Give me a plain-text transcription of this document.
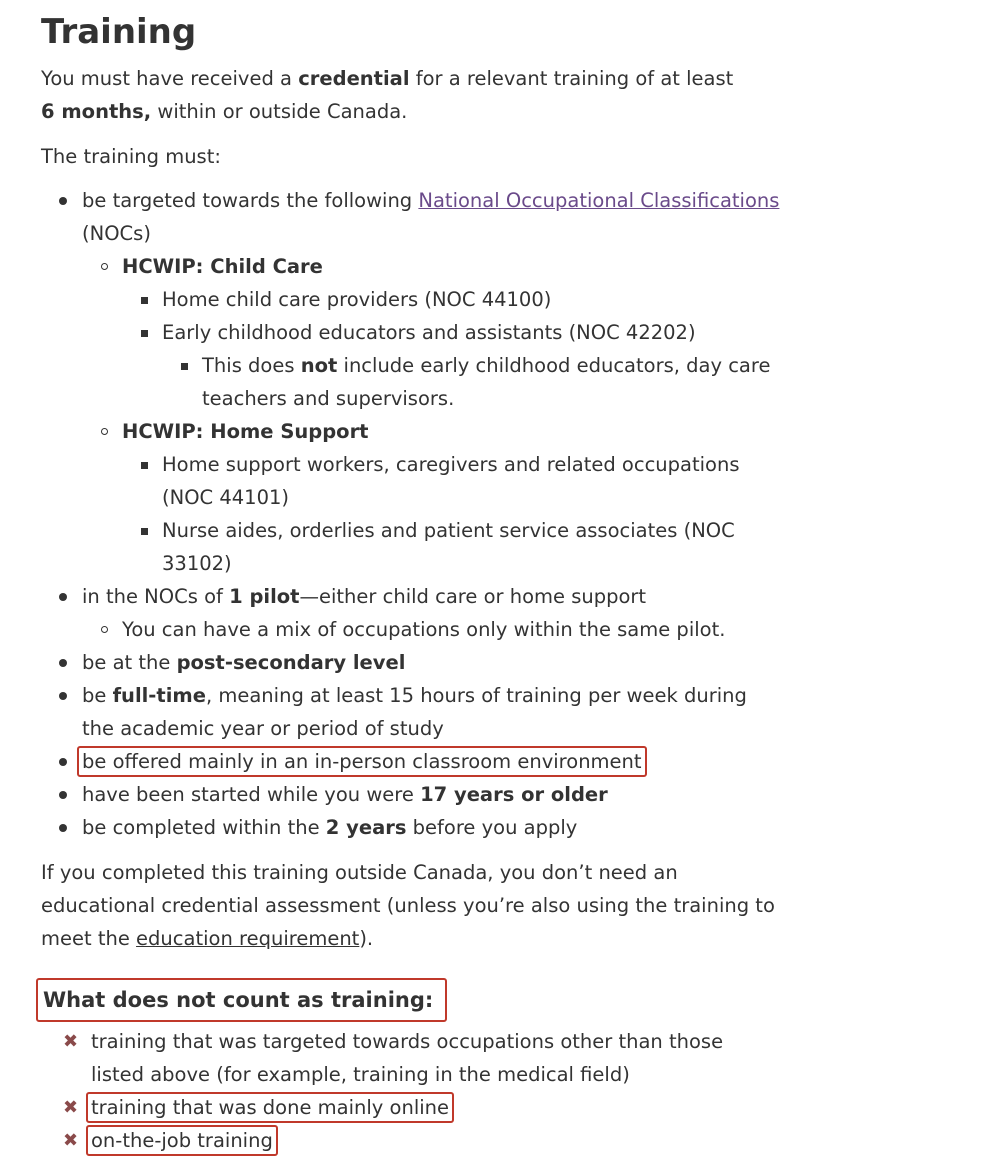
Training

You must have received a credential for a relevant training of at least 6 months, within or outside Canada.

The training must:

be targeted towards the following National Occupational Classifications (NOCs)
HCWIP: Child Care
Home child care providers (NOC 44100)
Early childhood educators and assistants (NOC 42202)
This does not include early childhood educators, day care teachers and supervisors.
HCWIP: Home Support
Home support workers, caregivers and related occupations (NOC 44101)
Nurse aides, orderlies and patient service associates (NOC 33102)
in the NOCs of 1 pilot—either child care or home support
You can have a mix of occupations only within the same pilot.
be at the post-secondary level
be full-time, meaning at least 15 hours of training per week during the academic year or period of study
be offered mainly in an in-person classroom environment
have been started while you were 17 years or older
be completed within the 2 years before you apply

If you completed this training outside Canada, you don’t need an educational credential assessment (unless you’re also using the training to meet the education requirement).

What does not count as training:
✖ training that was targeted towards occupations other than those listed above (for example, training in the medical field)
✖ training that was done mainly online
✖ on-the-job training
